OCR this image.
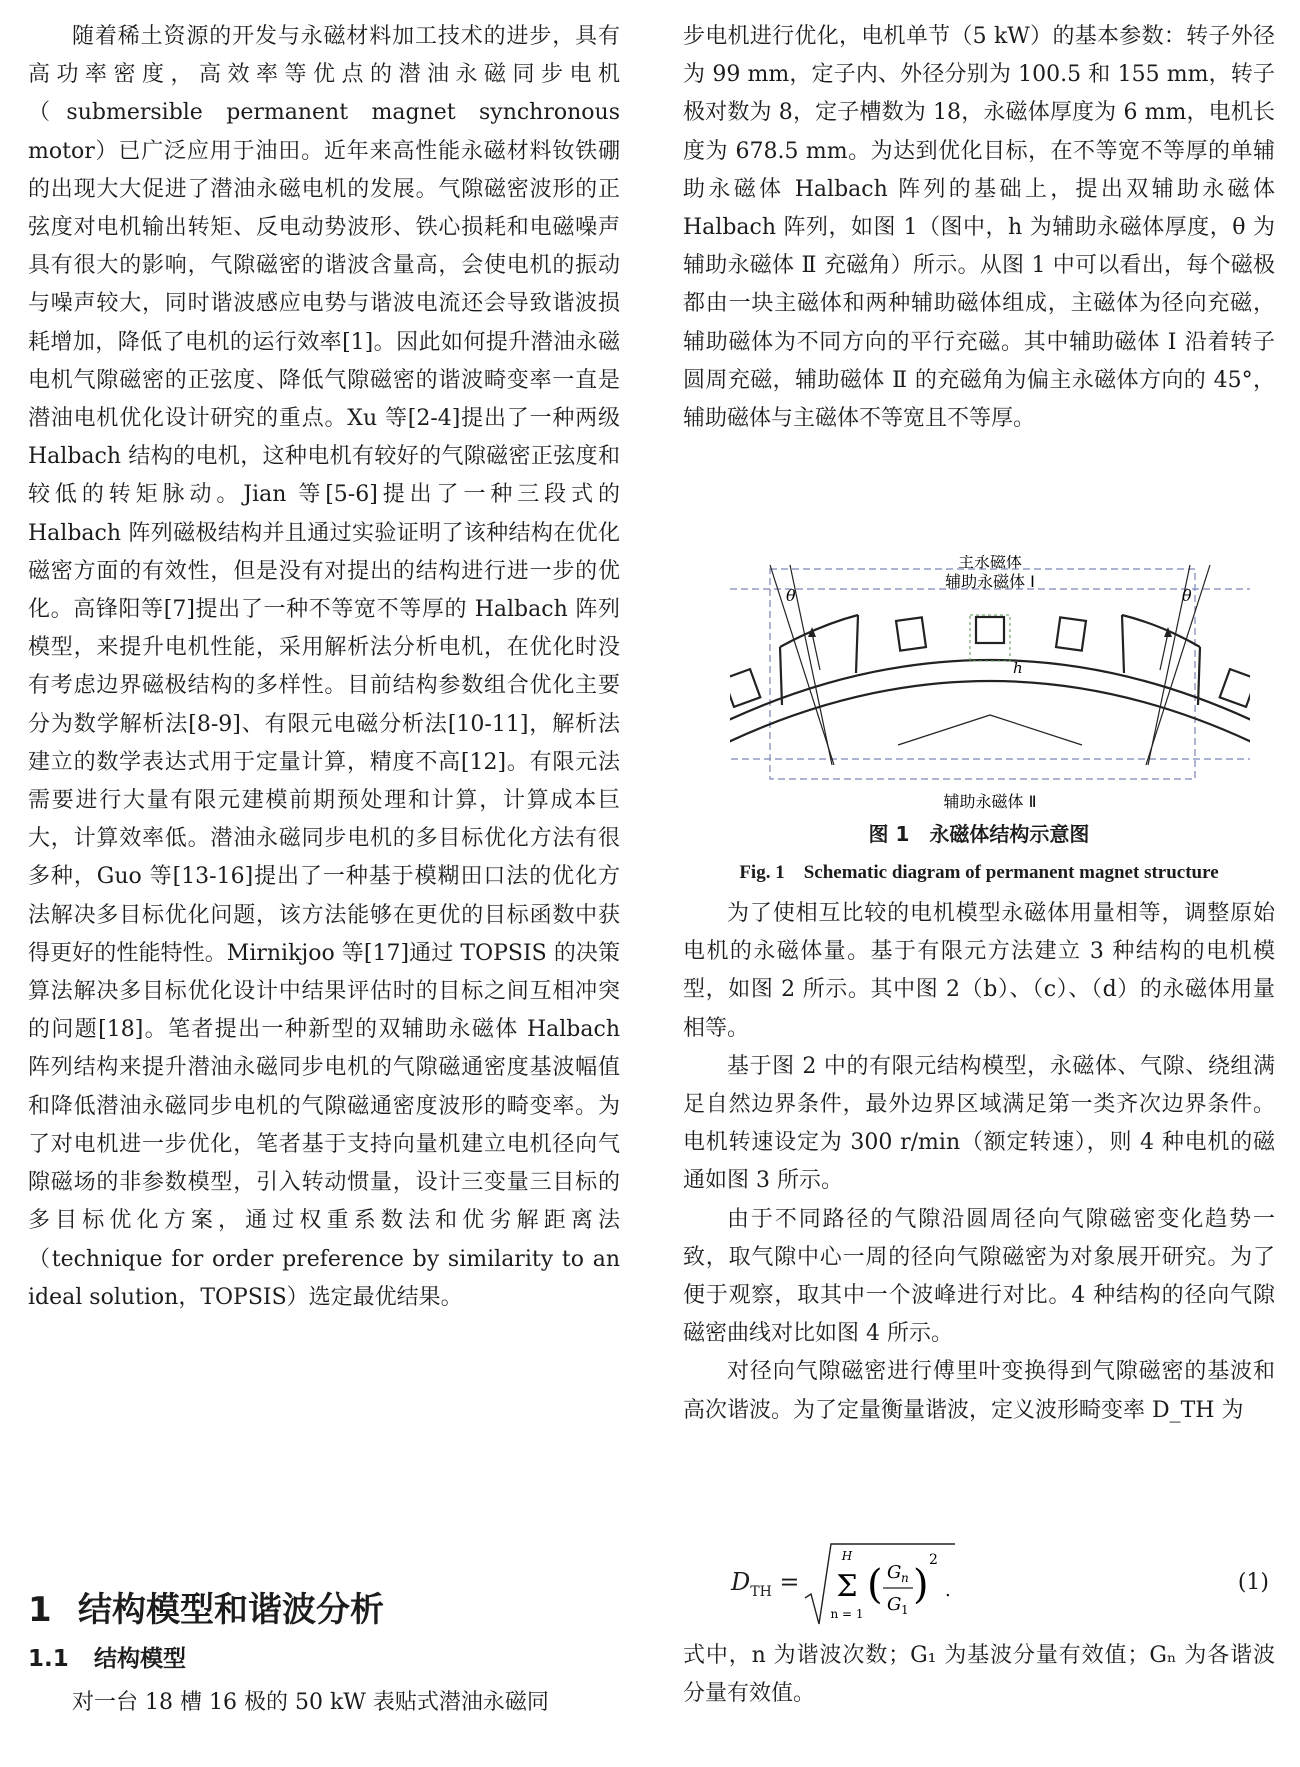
随着稀土资源的开发与永磁材料加工技术的进步，具有高功率密度，高效率等优点的潜油永磁同步电机（submersible permanent magnet synchronous motor）已广泛应用于油田。近年来高性能永磁材料钕铁硼的出现大大促进了潜油永磁电机的发展。气隙磁密波形的正弦度对电机输出转矩、反电动势波形、铁心损耗和电磁噪声具有很大的影响，气隙磁密的谐波含量高，会使电机的振动与噪声较大，同时谐波感应电势与谐波电流还会导致谐波损耗增加，降低了电机的运行效率[1]。因此如何提升潜油永磁电机气隙磁密的正弦度、降低气隙磁密的谐波畸变率一直是潜油电机优化设计研究的重点。Xu 等[2-4]提出了一种两级 Halbach 结构的电机，这种电机有较好的气隙磁密正弦度和较低的转矩脉动。Jian 等[5-6]提出了一种三段式的 Halbach 阵列磁极结构并且通过实验证明了该种结构在优化磁密方面的有效性，但是没有对提出的结构进行进一步的优化。高锋阳等[7]提出了一种不等宽不等厚的 Halbach 阵列模型，来提升电机性能，采用解析法分析电机，在优化时没有考虑边界磁极结构的多样性。目前结构参数组合优化主要分为数学解析法[8-9]、有限元电磁分析法[10-11]，解析法建立的数学表达式用于定量计算，精度不高[12]。有限元法需要进行大量有限元建模前期预处理和计算，计算成本巨大，计算效率低。潜油永磁同步电机的多目标优化方法有很多种，Guo 等[13-16]提出了一种基于模糊田口法的优化方法解决多目标优化问题，该方法能够在更优的目标函数中获得更好的性能特性。Mirnikjoo 等[17]通过 TOPSIS 的决策算法解决多目标优化设计中结果评估时的目标之间互相冲突的问题[18]。笔者提出一种新型的双辅助永磁体 Halbach 阵列结构来提升潜油永磁同步电机的气隙磁通密度基波幅值和降低潜油永磁同步电机的气隙磁通密度波形的畸变率。为了对电机进一步优化，笔者基于支持向量机建立电机径向气隙磁场的非参数模型，引入转动惯量，设计三变量三目标的多目标优化方案，通过权重系数法和优劣解距离法（technique for order preference by similarity to an ideal solution，TOPSIS）选定最优结果。

1 结构模型和谐波分析
1.1 结构模型
对一台 18 槽 16 极的 50 kW 表贴式潜油永磁同

步电机进行优化，电机单节（5 kW）的基本参数：转子外径为 99 mm，定子内、外径分别为 100.5 和 155 mm，转子极对数为 8，定子槽数为 18，永磁体厚度为 6 mm，电机长度为 678.5 mm。为达到优化目标，在不等宽不等厚的单辅助永磁体 Halbach 阵列的基础上，提出双辅助永磁体 Halbach 阵列，如图 1（图中，h 为辅助永磁体厚度，θ 为辅助永磁体 Ⅱ 充磁角）所示。从图 1 中可以看出，每个磁极都由一块主磁体和两种辅助磁体组成，主磁体为径向充磁，辅助磁体为不同方向的平行充磁。其中辅助磁体 Ⅰ 沿着转子圆周充磁，辅助磁体 Ⅱ 的充磁角为偏主永磁体方向的 45°，辅助磁体与主磁体不等宽且不等厚。

主永磁体
辅助永磁体 Ⅰ
辅助永磁体 Ⅱ
θ	θ
h
图 1　永磁体结构示意图
Fig. 1　Schematic diagram of permanent magnet structure

为了使相互比较的电机模型永磁体用量相等，调整原始电机的永磁体量。基于有限元方法建立 3 种结构的电机模型，如图 2 所示。其中图 2（b）、（c）、（d）的永磁体用量相等。

基于图 2 中的有限元结构模型，永磁体、气隙、绕组满足自然边界条件，最外边界区域满足第一类齐次边界条件。电机转速设定为 300 r/min（额定转速），则 4 种电机的磁通如图 3 所示。

由于不同路径的气隙沿圆周径向气隙磁密变化趋势一致，取气隙中心一周的径向气隙磁密为对象展开研究。为了便于观察，取其中一个波峰进行对比。4 种结构的径向气隙磁密曲线对比如图 4 所示。

对径向气隙磁密进行傅里叶变换得到气隙磁密的基波和高次谐波。为了定量衡量谐波，定义波形畸变率 D_TH 为

$D_{TH}$ =
H
Σ
n = 1
( G n
G 1
)
2
.	(1)
式中，n 为谐波次数；G₁ 为基波分量有效值；Gₙ 为各谐波分量有效值。
